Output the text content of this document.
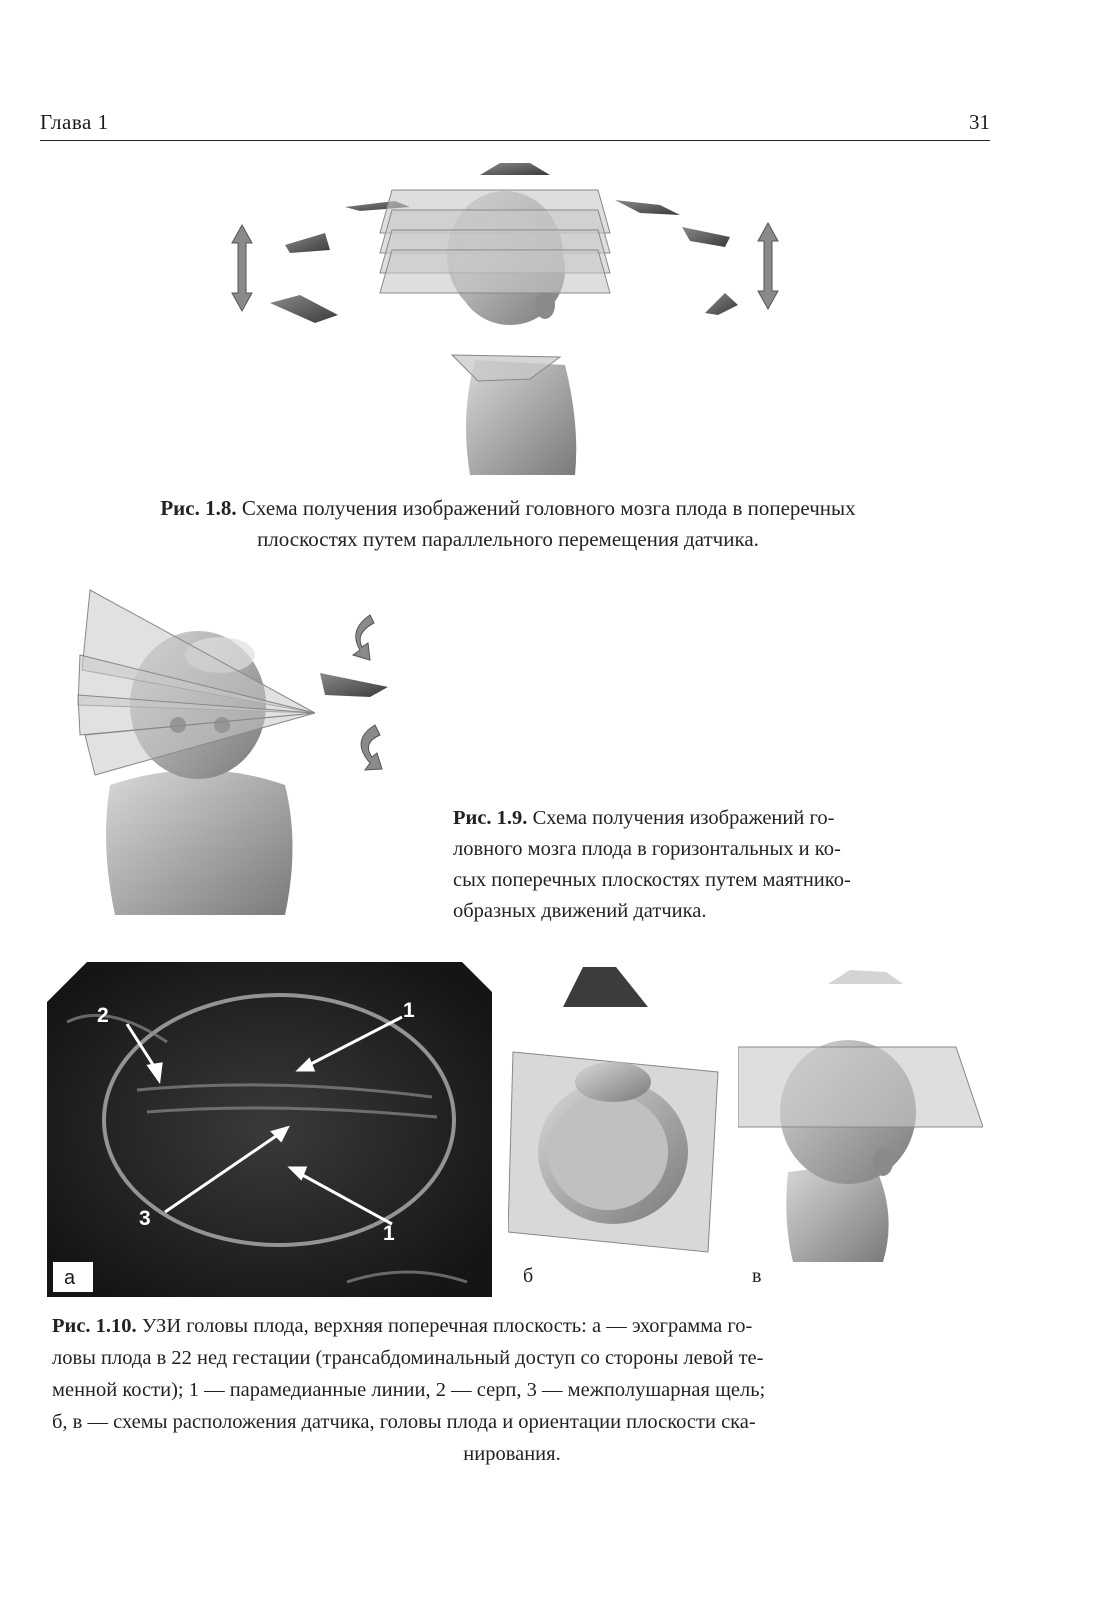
Глава 1	31
Рис. 1.8. Схема получения изображений головного мозга плода в поперечных
плоскостях путем параллельного перемещения датчика.
Рис. 1.9. Схема получения изображений го-
ловного мозга плода в горизонтальных и ко-
сых поперечных плоскостях путем маятнико-
образных движений датчика.
2	1
3
1
а	б	в
Рис. 1.10. УЗИ головы плода, верхняя поперечная плоскость: а — эхограмма го-
ловы плода в 22 нед гестации (трансабдоминальный доступ со стороны левой те-
менной кости); 1 — парамедианные линии, 2 — серп, 3 — межполушарная щель;
б, в — схемы расположения датчика, головы плода и ориентации плоскости ска-
нирования.
